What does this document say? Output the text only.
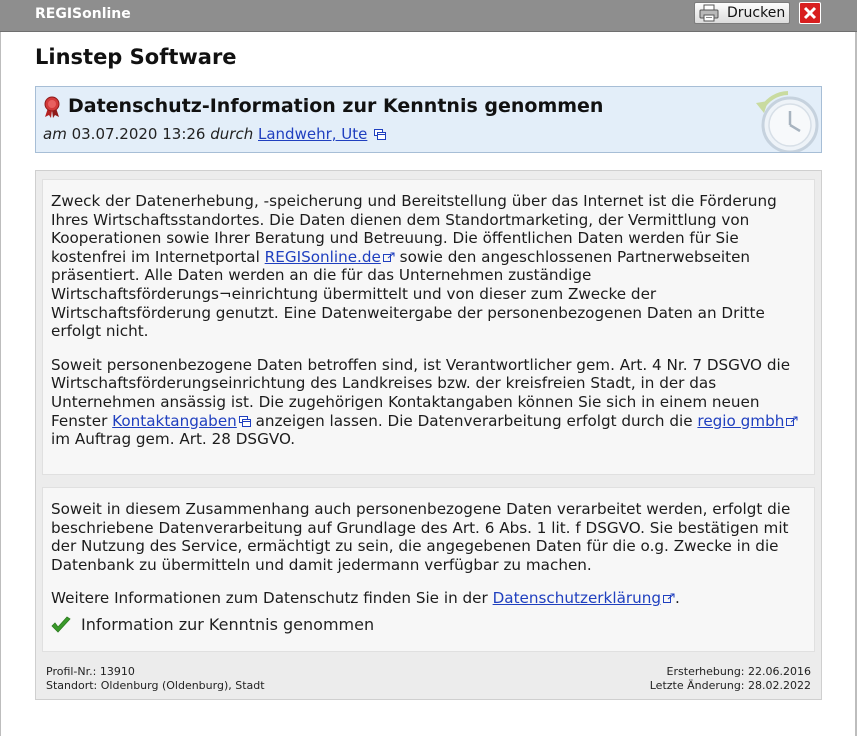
REGISonline	Drucken
Linstep Software
Datenschutz-Information zur Kenntnis genommen
am 03.07.2020 13:26 durch Landwehr, Ute

Zweck der Datenerhebung, -speicherung und Bereitstellung über das Internet ist die Förderung Ihres Wirtschaftsstandortes. Die Daten dienen dem Standortmarketing, der Vermittlung von Kooperationen sowie Ihrer Beratung und Betreuung. Die öffentlichen Daten werden für Sie kostenfrei im Internetportal REGISonline.de sowie den angeschlossenen Partnerwebseiten präsentiert. Alle Daten werden an die für das Unternehmen zuständige Wirtschaftsförderungs¬einrichtung übermittelt und von dieser zum Zwecke der Wirtschaftsförderung genutzt. Eine Datenweitergabe der personenbezogenen Daten an Dritte erfolgt nicht.

Soweit personenbezogene Daten betroffen sind, ist Verantwortlicher gem. Art. 4 Nr. 7 DSGVO die Wirtschaftsförderungseinrichtung des Landkreises bzw. der kreisfreien Stadt, in der das Unternehmen ansässig ist. Die zugehörigen Kontaktangaben können Sie sich in einem neuen Fenster Kontaktangaben anzeigen lassen. Die Datenverarbeitung erfolgt durch die regio gmbh im Auftrag gem. Art. 28 DSGVO.

Soweit in diesem Zusammenhang auch personenbezogene Daten verarbeitet werden, erfolgt die beschriebene Datenverarbeitung auf Grundlage des Art. 6 Abs. 1 lit. f DSGVO. Sie bestätigen mit der Nutzung des Service, ermächtigt zu sein, die angegebenen Daten für die o.g. Zwecke in die Datenbank zu übermitteln und damit jedermann verfügbar zu machen.

Weitere Informationen zum Datenschutz finden Sie in der Datenschutzerklärung .

Information zur Kenntnis genommen
Profil-Nr.: 13910
Standort: Oldenburg (Oldenburg), Stadt
Ersterhebung: 22.06.2016
Letzte Änderung: 28.02.2022
